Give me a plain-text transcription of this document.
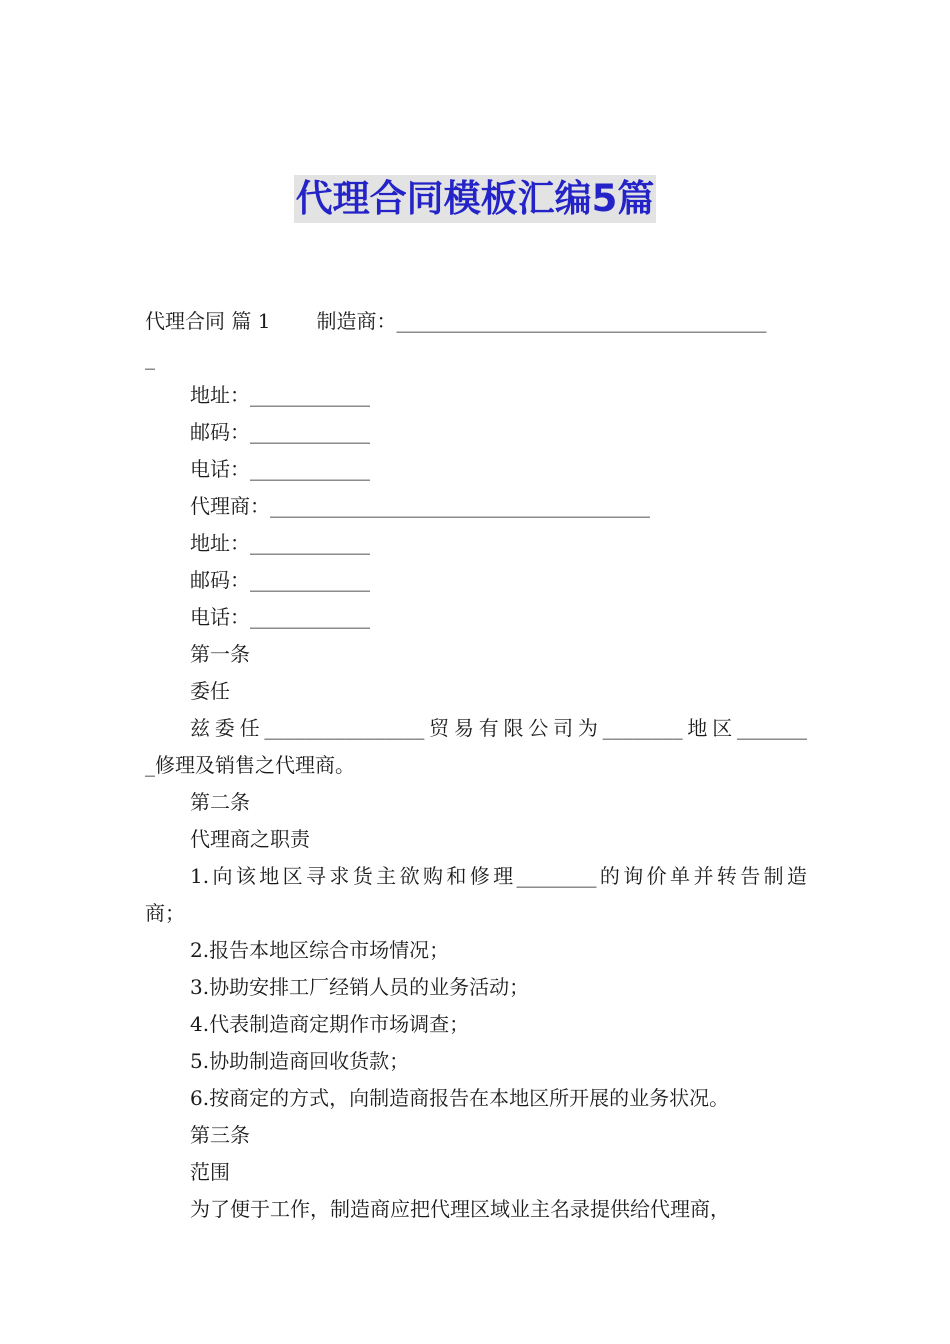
代理合同模板汇编5篇
代理合同 篇 1 制造商：_____________________________________
_
地址：____________
邮码：____________
电话：____________
代理商：______________________________________
地址：____________
邮码：____________
电话：____________
第一条
委任
兹委任________________贸易有限公司为________地区_______
_修理及销售之代理商。
第二条
代理商之职责
1.向该地区寻求货主欲购和修理________的询价单并转告制造
商；
2.报告本地区综合市场情况；
3.协助安排工厂经销人员的业务活动；
4.代表制造商定期作市场调查；
5.协助制造商回收货款；
6.按商定的方式，向制造商报告在本地区所开展的业务状况。
第三条
范围
为了便于工作，制造商应把代理区域业主名录提供给代理商，
